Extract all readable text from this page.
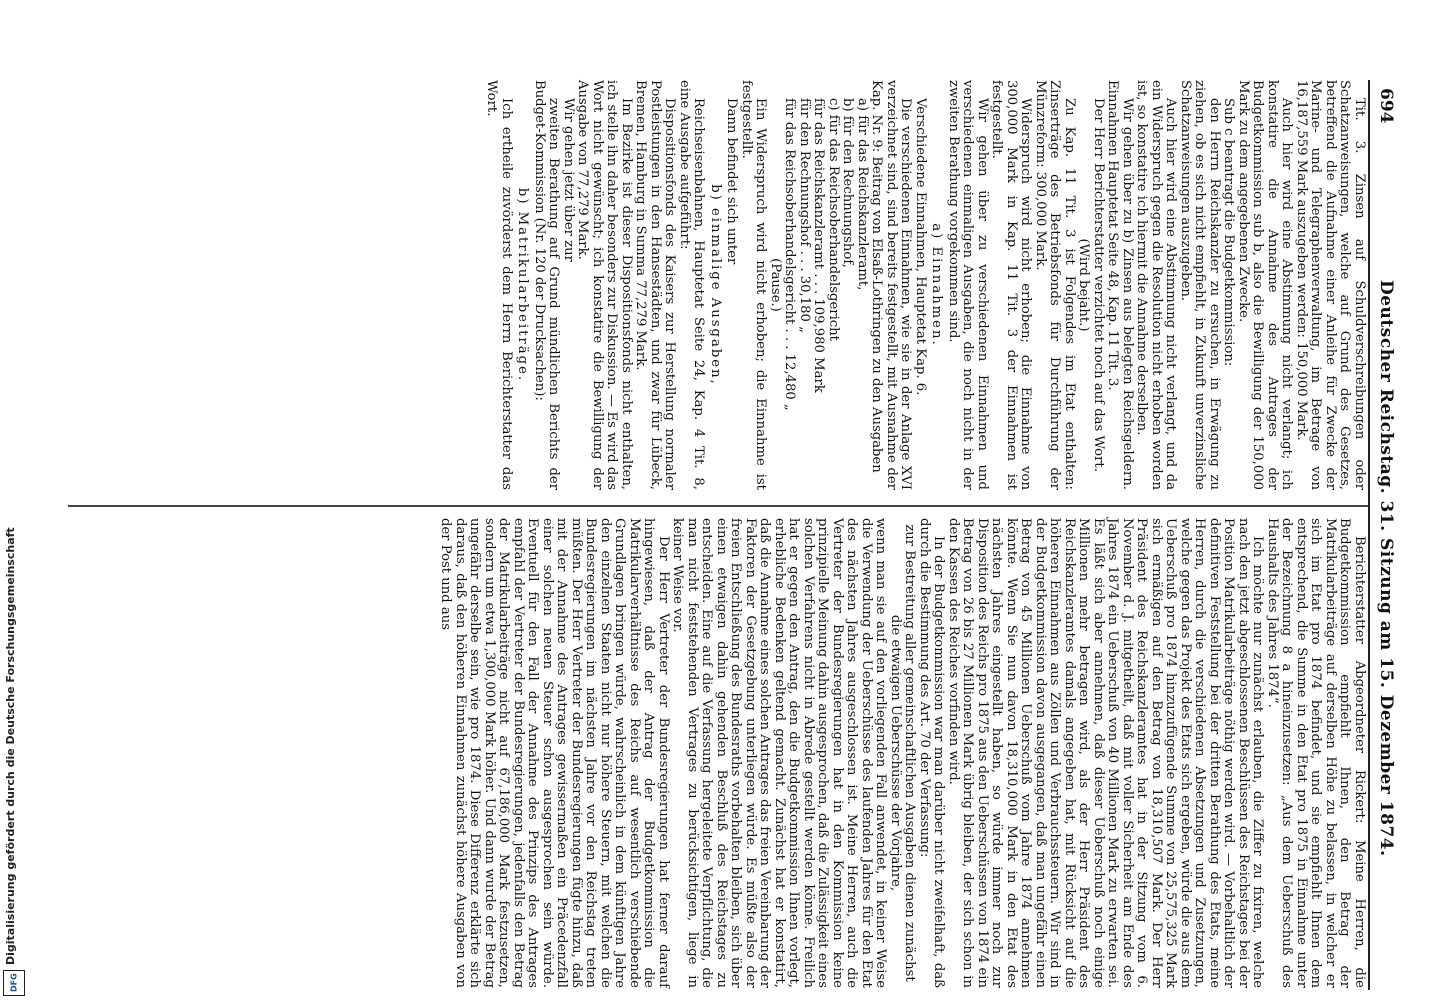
694
Deutscher Reichstag. 31. Sitzung am 15. Dezember 1874.

Tit. 3. Zinsen auf Schuldverschreibungen oder Schatzanweisungen, welche auf Grund des Gesetzes, betreffend die Aufnahme einer Anleihe für Zwecke der Marine- und Telegraphenverwaltung, im Betrage von 16,187,559 Mark auszugeben werden: 150,000 Mark.

Auch hier wird eine Abstimmung nicht verlangt; ich konstatire die Annahme des Antrages der Budgetkommission sub b, also die Bewilligung der 150,000 Mark zu dem angegebenen Zwecke.

Sub c beantragt die Budgetkommission:

den Herrn Reichskanzler zu ersuchen, in Erwägung zu ziehen, ob es sich nicht empfiehlt, in Zukunft unverzinsliche Schatzanweisungen auszugeben.

Auch hier wird eine Abstimmung nicht verlangt, und da ein Widerspruch gegen die Resolution nicht erhoben worden ist, so konstatire ich hiermit die Annahme derselben.

Wir gehen über zu b) Zinsen aus belegten Reichsgeldern. Einnahmen Hauptetat Seite 48, Kap. 11 Tit. 3.

Der Herr Berichterstatter verzichtet noch auf das Wort.

(Wird bejaht.)

Zu Kap. 11 Tit. 3 ist Folgendes im Etat enthalten: Zinserträge des Betriebsfonds für Durchführung der Münzreform: 300,000 Mark.

Widerspruch wird nicht erhoben; die Einnahme von 300,000 Mark in Kap. 11 Tit. 3 der Einnahmen ist festgestellt.

Wir gehen über zu verschiedenen Einnahmen und verschiedenen einmaligen Ausgaben, die noch nicht in der zweiten Berathung vorgekommen sind.

a) Einnahmen.

Verschiedene Einnahmen, Hauptetat Kap. 6.

Die verschiedenen Einnahmen, wie sie in der Anlage XVI verzeichnet sind, sind bereits festgestellt, mit Ausnahme der Kap. Nr. 9: Beitrag von Elsaß-Lothringen zu den Ausgaben

a) für das Reichskanzleramt,

b) für den Rechnungshof,

c) für das Reichsoberhandelsgericht

für das Reichskanzleramt . . . 109,980 Mark

für den Rechnungshof . . . 30,180 „

für das Reichsoberhandelsgericht . . . 12,480 „

(Pause.)

Ein Widerspruch wird nicht erhoben; die Einnahme ist festgestellt.

Dann befindet sich unter

b) einmalige Ausgaben,

Reichseisenbahnen, Hauptetat Seite 24, Kap. 4 Tit. 8, eine Ausgabe aufgeführt:

Dispositionsfonds des Kaisers zur Herstellung normaler Postleistungen in den Hansestädten, und zwar für Lübeck, Bremen, Hamburg in Summa 77,279 Mark.

Im Bezirke ist dieser Dispositionsfonds nicht enthalten, ich stelle ihn daher besonders zur Diskussion. — Es wird das Wort nicht gewünscht; ich konstatire die Bewilligung der Ausgabe von 77,279 Mark.

Wir gehen jetzt über zur

zweiten Berathung auf Grund mündlichen Berichts der Budget-Kommission (Nr. 120 der Drucksachen):

b) Matrikularbeiträge.

Ich ertheile zuvörderst dem Herrn Berichterstatter das Wort.

Berichterstatter Abgeordneter Rickert: Meine Herren, die Budgetkommission empfiehlt Ihnen, den Betrag der Matrikularbeiträge auf derselben Höhe zu belassen, in welcher er sich im Etat pro 1874 befindet, und sie empfiehlt Ihnen dem entsprechend, die Summe in den Etat pro 1875 in Einnahme unter der Bezeichnung 8 a hineinzusetzen: „Aus dem Ueberschuß des Haushalts des Jahres 1874“.

Ich möchte nur zunächst erlauben, die Ziffer zu fixiren, welche nach den jetzt abgeschlossenen Beschlüssen des Reichstages bei der Position Matrikularbeiträge nöthig werden wird. — Vorbehaltlich der definitiven Feststellung bei der dritten Berathung des Etats, meine Herren, durch die verschiedenen Absetzungen und Zusetzungen, welche gegen das Projekt des Etats sich ergeben, würde die aus dem Ueberschuß pro 1874 hinzuzufügende Summe von 25,575,325 Mark sich ermäßigen auf den Betrag von 18,310,507 Mark. Der Herr Präsident des Reichskanzleramtes hat in der Sitzung vom 6. November d. J. mitgetheilt, daß mit voller Sicherheit am Ende des Jahres 1874 ein Ueberschuß von 40 Millionen Mark zu erwarten sei. Es läßt sich aber annehmen, daß dieser Ueberschuß noch einige Millionen mehr betragen wird, als der Herr Präsident des Reichskanzleramtes damals angegeben hat, mit Rücksicht auf die höheren Einnahmen aus Zöllen und Verbrauchssteuern. Wir sind in der Budgetkommission davon ausgegangen, daß man ungefähr einen Betrag von 45 Millionen Ueberschuß vom Jahre 1874 annehmen könnte. Wenn Sie nun davon 18,310,000 Mark in den Etat des nächsten Jahres eingestellt haben, so würde immer noch zur Disposition des Reichs pro 1875 aus den Ueberschüssen von 1874 ein Betrag von 26 bis 27 Millionen Mark übrig bleiben, der sich schon in den Kassen des Reiches vorfinden wird.

In der Budgetkommission war man darüber nicht zweifelhaft, daß durch die Bestimmung des Art. 70 der Verfassung:

zur Bestreitung aller gemeinschaftlichen Ausgaben dienen zunächst die etwaigen Ueberschüsse der Vorjahre,

wenn man sie auf den vorliegenden Fall anwendet, in keiner Weise die Verwendung der Ueberschüsse des laufenden Jahres für den Etat des nächsten Jahres ausgeschlossen ist. Meine Herren, auch die Vertreter der Bundesregierungen hat in den Kommission keine prinzipielle Meinung dahin ausgesprochen, daß die Zulässigkeit eines solchen Verfahrens nicht in Abrede gestellt werden könne. Freilich hat er gegen den Antrag, den die Budgetkommission Ihnen vorlegt, erhebliche Bedenken geltend gemacht. Zunächst hat er konstatirt, daß die Annahme eines solchen Antrages das freien Vereinbarung der Faktoren der Gesetzgebung unterliegen würde. Es müßte also der freien Entschließung des Bundesraths vorbehalten bleiben, sich über einen etwaigen dahin gehenden Beschluß des Reichstages zu entscheiden. Eine auf die Verfassung hergeleitete Verpflichtung, die man nicht feststehenden Vertrages zu berücksichtigen, liege in keiner Weise vor.

Der Herr Vertreter der Bundesregierungen hat ferner darauf hingewiesen, daß der Antrag der Budgetkommission die Matrikularverhältnisse des Reichs auf wesentlich verschiebende Grundlagen bringen würde, wahrscheinlich in dem künftigen Jahre den einzelnen Staaten nicht nur höhere Steuern, mit welchen die Bundesregierungen im nächsten Jahre vor den Reichstag treten müßten. Der Herr Vertreter der Bundesregierungen fügte hinzu, daß mit der Annahme des Antrages gewissermaßen ein Präcedenzfall einer solchen neuen Steuer schon ausgesprochen sein würde. Eventuell für den Fall der Annahme des Prinzips des Antrages empfahl der Vertreter der Bundesregierungen, jedenfalls den Betrag der Matrikularbeiträge nicht auf 67,186,000 Mark festzusetzen, sondern um etwa 1,300,000 Mark höher. Und dann wurde der Betrag ungefähr derselbe sein, wie pro 1874. Diese Differenz erklärte sich daraus, daß den höheren Einnahmen zunächst höhere Ausgaben von der Post und aus

Digitalisierung gefördert durch die Deutsche Forschungsgemeinschaft
DFG
